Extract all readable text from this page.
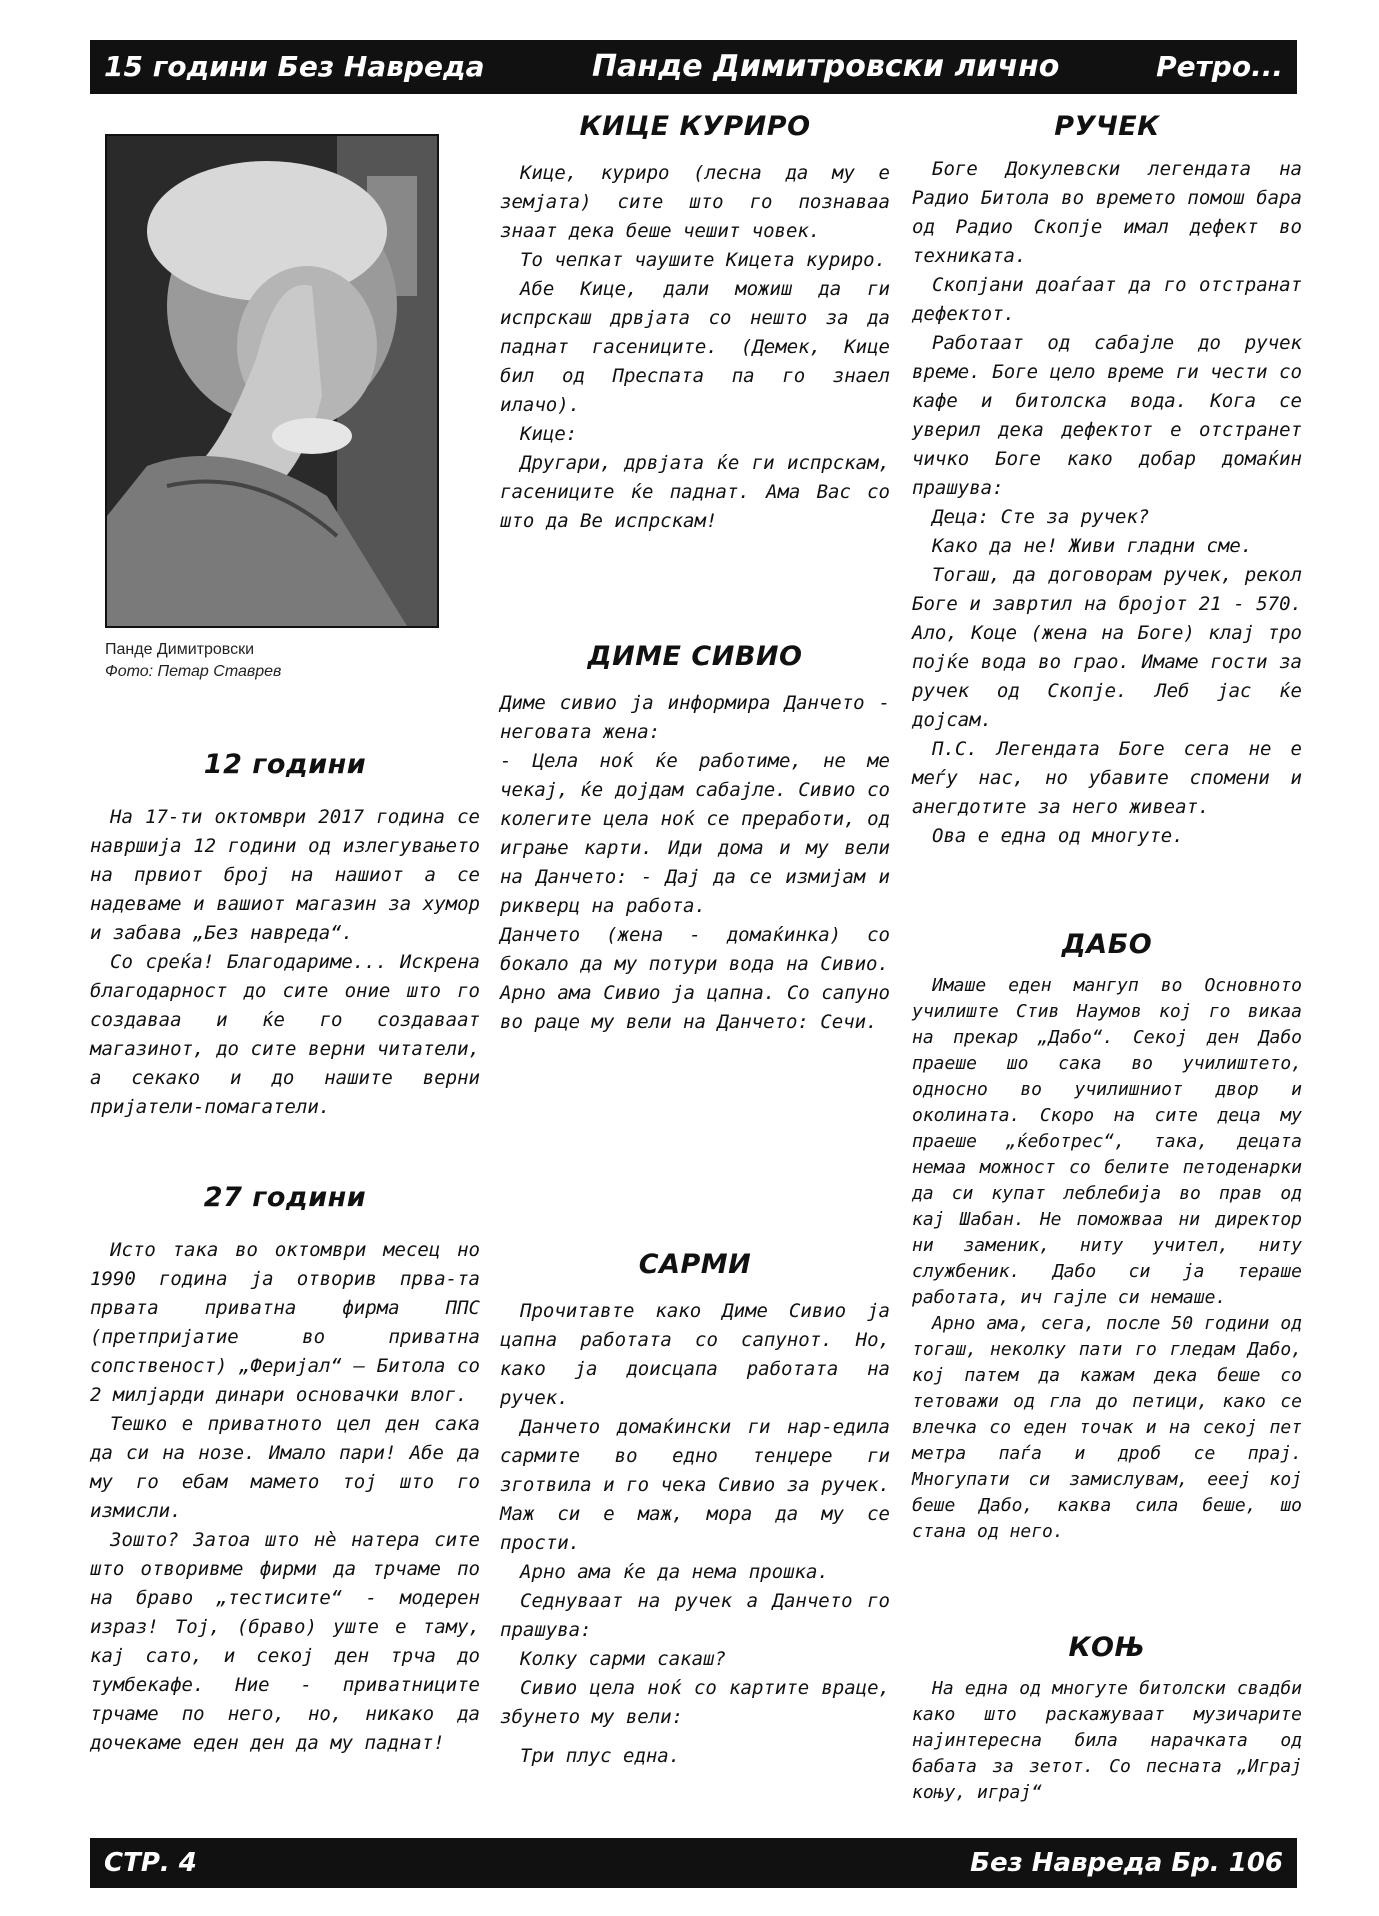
15 години Без Навреда	Панде Димитровски лично	Ретро...
Панде Димитровски
Фото: Петар Ставрев
12 години

На 17-ти октомври 2017 година се навршија 12 години од излегувањето на првиот број на нашиот а се надеваме и вашиот магазин за хумор и забава „Без навреда“.

Со среќа! Благодариме... Искрена благодарност до сите оние што го создаваа и ќе го создаваат магазинот, до сите верни читатели, а секако и до нашите верни пријатели-помагатели.

27 години

Исто така во октомври месец но 1990 година ја отворив прва-та првата приватна фирма ППС (претпријатие во приватна сопственост) „Феријал“ – Битола со 2 милјарди динари основачки влог.

Тешко е приватното цел ден сака да си на нозе. Имало пари! Абе да му го ебам мамето тој што го измисли.

Зошто? Затоа што нè натера сите што отворивме фирми да трчаме по на браво „тестисите“ - модерен израз! Тој, (браво) уште е таму, кај сато, и секој ден трча до тумбекафе. Ние - приватниците трчаме по него, но, никако да дочекаме еден ден да му паднат!

КИЦЕ КУРИРО

Кице, куриро (лесна да му е земјата) сите што го познаваа знаат дека беше чешит човек.

То чепкат чаушите Кицета куриро.

Абе Кице, дали можиш да ги испрскаш дрвјата со нешто за да паднат гасениците. (Демек, Кице бил од Преспата па го знаел илачо).

Кице:

Другари, дрвјата ќе ги испрскам, гасениците ќе паднат. Ама Вас со што да Ве испрскам!

ДИМЕ СИВИО

Диме сивио ја информира Данчето - неговата жена:

- Цела ноќ ќе работиме, не ме чекај, ќе дојдам сабајле. Сивио со колегите цела ноќ се прерaботи, од играње карти. Иди дома и му вели на Данчето: - Дај да се измијам и рикверц на работа.

Данчето (жена - домаќинка) со бокало да му потури вода на Сивио.

Арно ама Сивио ја цапна. Со сапуно во раце му вели на Данчето: Сечи.

САРМИ

Прочитавте како Диме Сивио ја цапна работата со сапунот. Но, како ја доисцапа работата на ручек.

Данчето домаќински ги нар-едила сармите во едно тенџере ги зготвила и го чека Сивио за ручек. Маж си е маж, мора да му се прости.

Арно ама ќе да нема прошка.

Седнуваат на ручек а Данчето го прашува:

Колку сарми сакаш?

Сивио цела ноќ со картите враце, збунето му вели:

Три плус една.

РУЧЕК

Боге Докулевски легендата на Радио Битола во времето помош бара од Радио Скопје имал дефект во техниката.

Скопјани доаѓаат да го отстранат дефектот.

Работаат од сабајле до ручек време. Боге цело време ги чести со кафе и битолска вода. Кога се уверил дека дефектот е отстранет чичко Боге како добар домаќин прашува:

Деца: Сте за ручек?

Како да не! Живи гладни сме.

Тогаш, да договорам ручек, рекол Боге и завртил на бројот 21 - 570. Ало, Коце (жена на Боге) клај тро појќе вода во грао. Имаме гости за ручек од Скопје. Леб јас ќе дојсам.

П.С. Легендата Боге сега не е меѓу нас, но убавите спомени и анегдотите за него живеат.

Ова е една од многуте.

ДАБО

Имаше еден мангуп во Основното училиште Стив Наумов кој го викаа на прекар „Дабо“. Секој ден Дабо праеше шо сака во училиштето, односно во училишниот двор и околината. Скоро на сите деца му праеше „ќеботрес“, така, децата немаа можност со белите петоденарки да си купат леблебија во прав од кај Шабан. Не поможваа ни директор ни заменик, ниту учител, ниту службеник. Дабо си ја тераше работата, ич гајле си немаше.

Арно ама, сега, после 50 години од тогаш, неколку пати го гледам Дабо, кој патем да кажам дека беше со тетоважи од гла до петици, како се влечка со еден точак и на секој пет метра паѓа и дроб се прај. Многупати си замислувам, еееј кој беше Дабо, каква сила беше, шо стана од него.

КОЊ

На една од многуте битолски свадби како што раскажуваат музичарите најинтересна била нарачката од бабата за зетот. Со песната „Играј коњу, играј“

СТР. 4	Без Навреда Бр. 106
